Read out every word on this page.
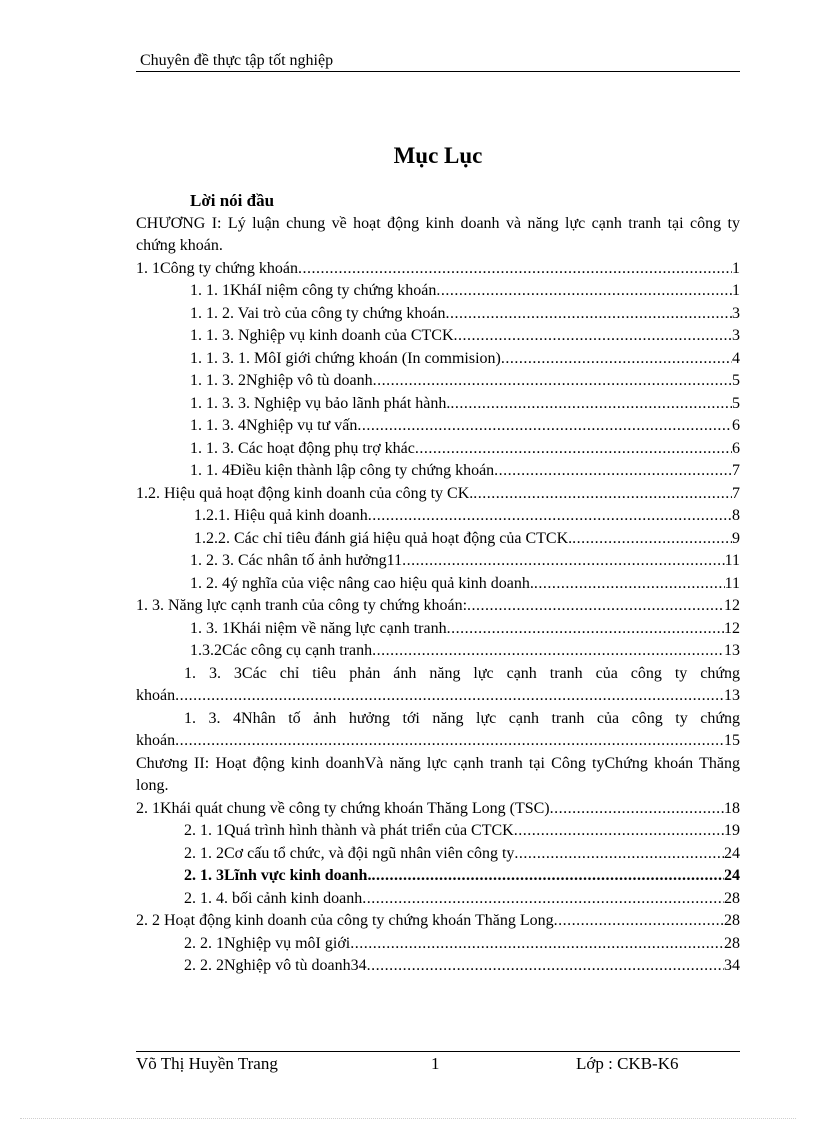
Chuyên đề thực tập tốt nghiệp
Mục Lục
Lời nói đầu
CHƯƠNG I: Lý luận chung về hoạt động kinh doanh và năng lực cạnh tranh tại công ty chứng khoán.
1. 1Công ty chứng khoán .....	1
1. 1. 1KháI niệm công ty chứng khoán .....	1
1. 1. 2. Vai trò của công ty chứng khoán .....	3
1. 1. 3. Nghiệp vụ kinh doanh của CTCK .....	3
1. 1. 3. 1. MôI giới chứng khoán (In commision) .....	4
1. 1. 3. 2Nghiệp vô tù doanh .....	5
1. 1. 3. 3. Nghiệp vụ bảo lãnh phát hành. .....	5
1. 1. 3. 4Nghiệp vụ tư vấn .....	6
1. 1. 3. Các hoạt động phụ trợ khác .....	6
1. 1. 4Điều kiện thành lập công ty chứng khoán .....	7
1.2. Hiệu quả hoạt động kinh doanh của công ty CK. .....	7
1.2.1. Hiệu quả kinh doanh .....	8
1.2.2. Các chỉ tiêu đánh giá hiệu quả hoạt động của CTCK. .....	9
1. 2. 3. Các nhân tố ảnh hưởng11 .....	11
1. 2. 4ý nghĩa của việc nâng cao hiệu quả kinh doanh. .....	11
1. 3. Năng lực cạnh tranh của công ty chứng khoán: .....	12
1. 3. 1Khái niệm về năng lực cạnh tranh .....	12
1.3.2Các công cụ cạnh tranh .....	13
1. 3. 3Các chỉ tiêu phản ánh năng lực cạnh tranh của công ty chứng
khoán .....	13
1. 3. 4Nhân tố ảnh hưởng tới năng lực cạnh tranh của công ty chứng
khoán .....	15
Chương II: Hoạt động kinh doanhVà năng lực cạnh tranh tại Công tyChứng khoán Thăng long.
2. 1Khái quát chung về công ty chứng khoán Thăng Long (TSC) .....	18
2. 1. 1Quá trình hình thành và phát triển của CTCK .....	19
2. 1. 2Cơ cấu tổ chức, và đội ngũ nhân viên công ty .....	24
2. 1. 3Lĩnh vực kinh doanh. .....	24
2. 1. 4. bối cảnh kinh doanh .....	28
2. 2 Hoạt động kinh doanh của công ty chứng khoán Thăng Long .....	28
2. 2. 1Nghiệp vụ môI giới .....	28
2. 2. 2Nghiệp vô tù doanh34 .....	34
Võ Thị Huyền Trang	1	Lớp : CKB-K6
